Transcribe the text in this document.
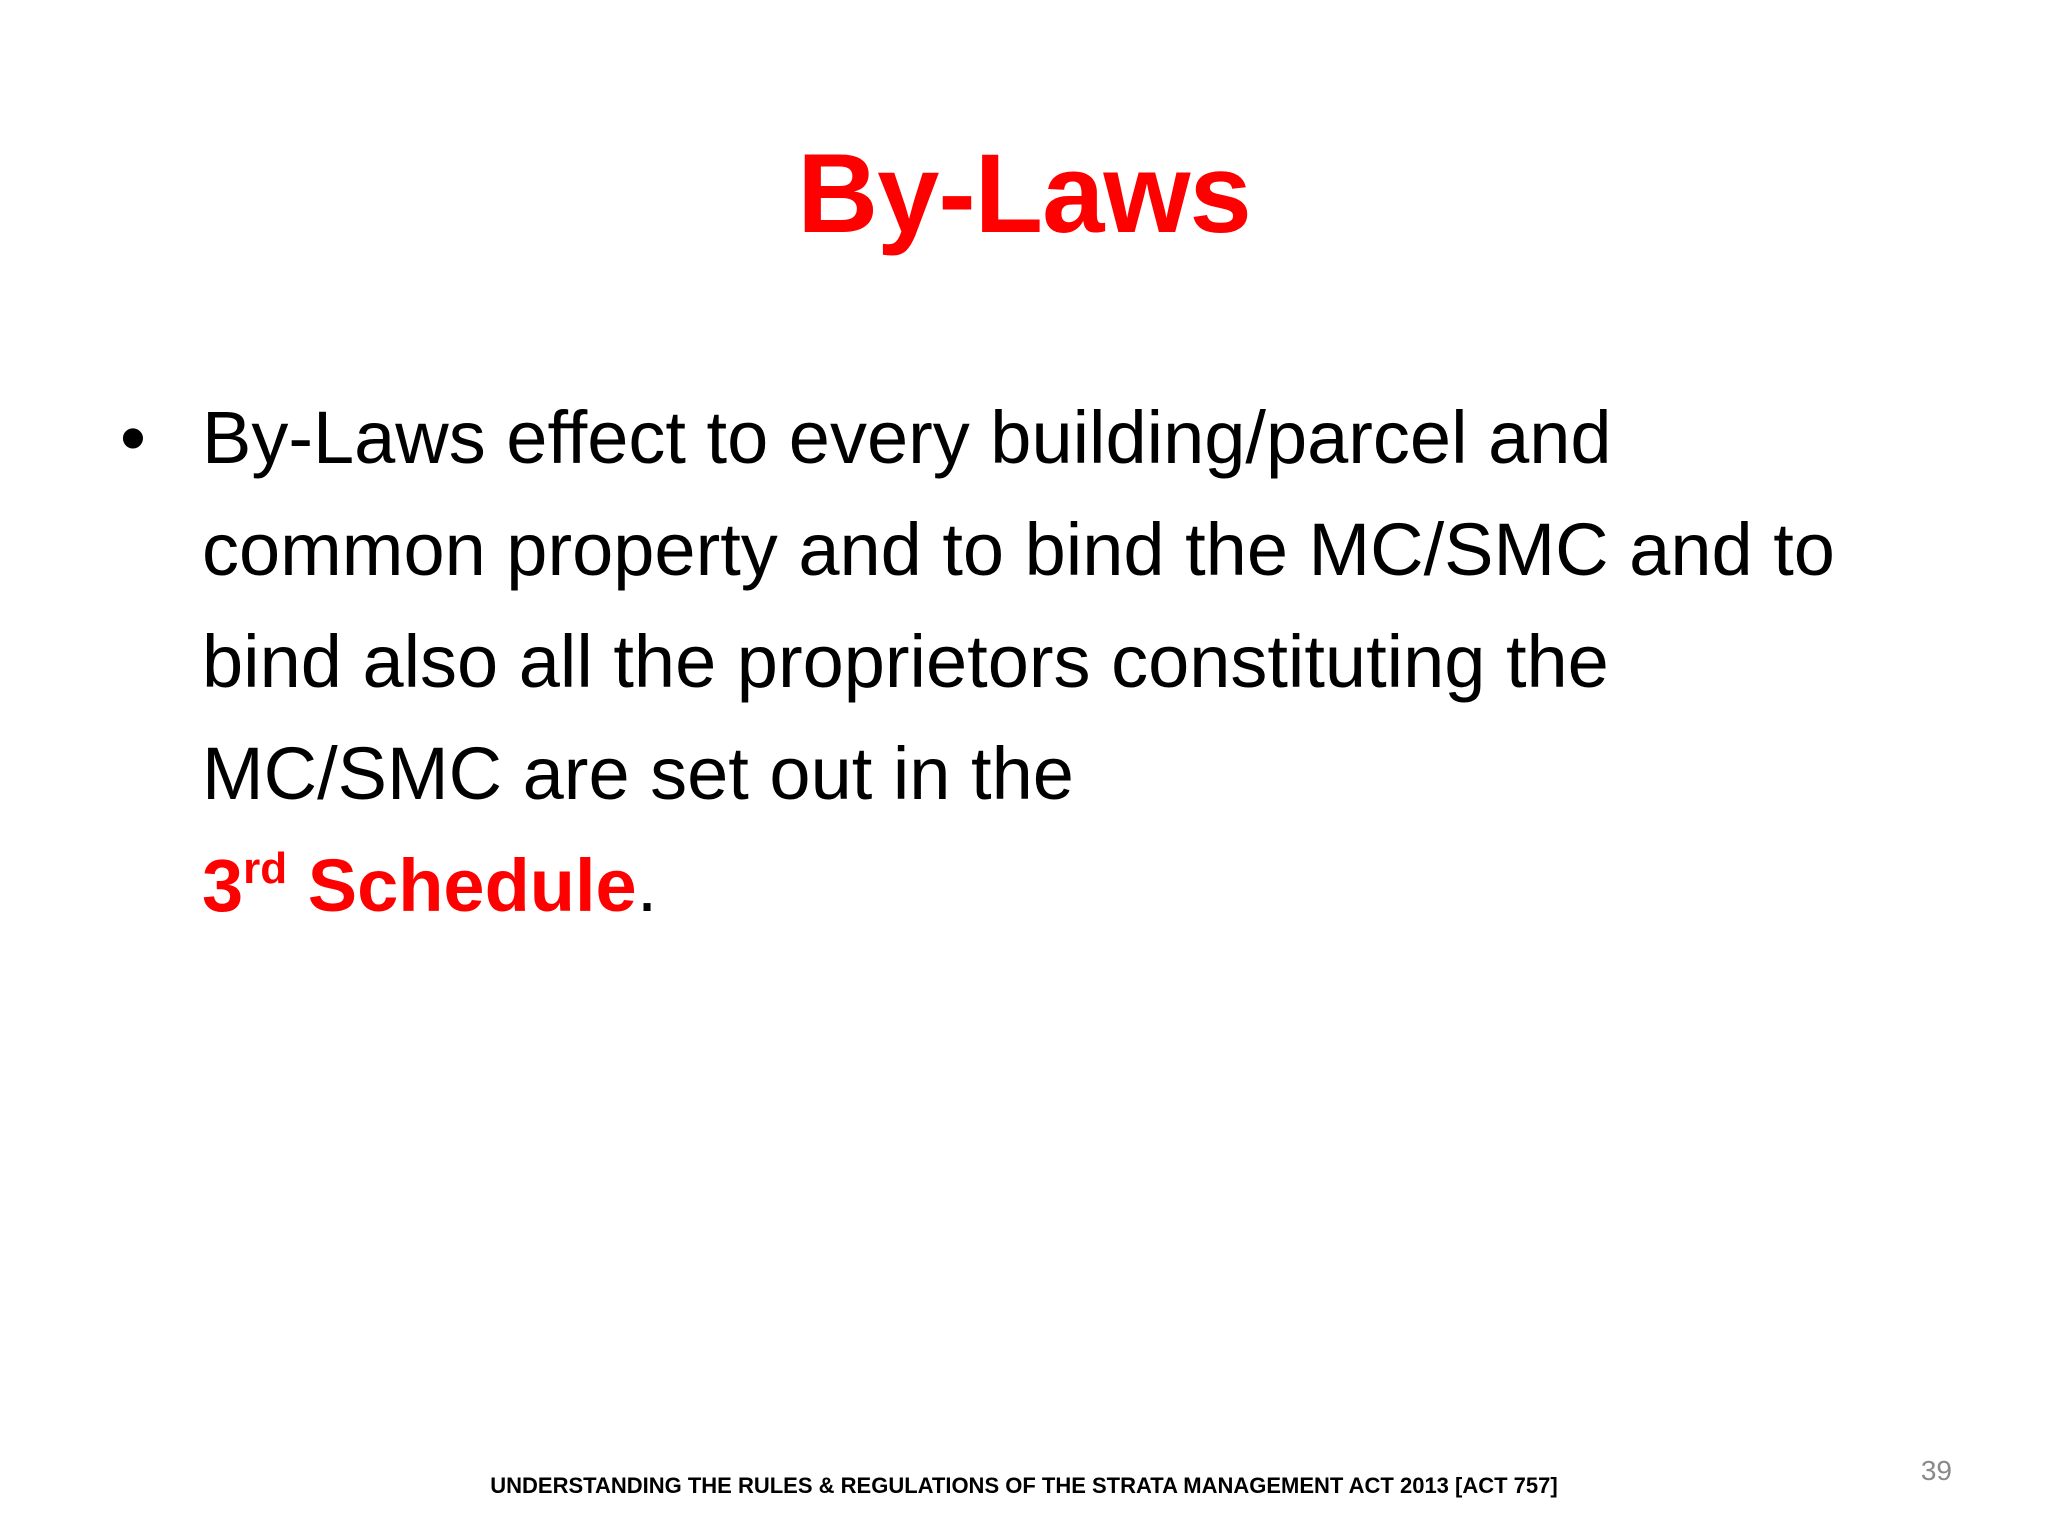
By-Laws
• By-Laws effect to every building/parcel and common property and to bind the MC/SMC and to bind also all the proprietors constituting the MC/SMC are set out in the
3rd Schedule.
UNDERSTANDING THE RULES & REGULATIONS OF THE STRATA MANAGEMENT ACT 2013 [ACT 757]	39
